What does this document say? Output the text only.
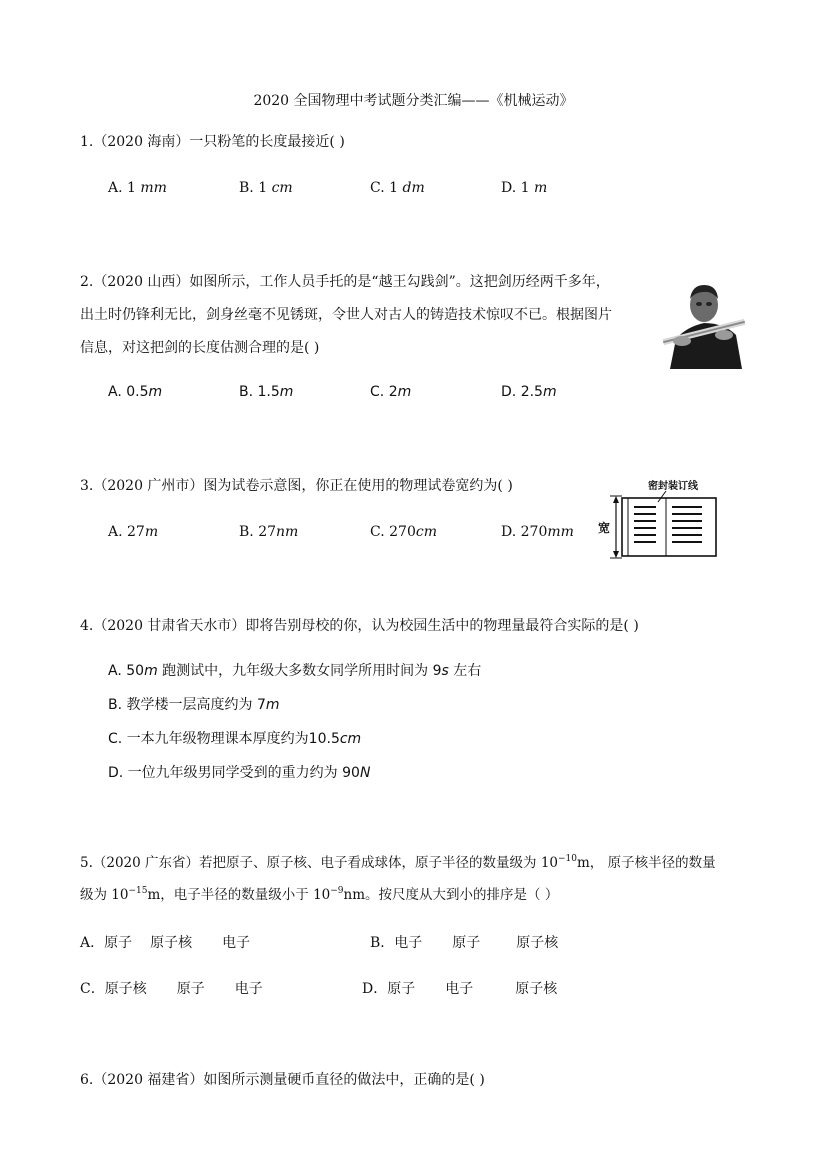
2020 全国物理中考试题分类汇编——《机械运动》
1.（2020 海南）一只粉笔的长度最接近( )
A. 1 mm	B. 1 cm	C. 1 dm	D. 1 m
2.（2020 山西）如图所示，工作人员手托的是“越王勾践剑”。这把剑历经两千多年，
出土时仍锋利无比，剑身丝毫不见锈斑，令世人对古人的铸造技术惊叹不已。根据图片
信息，对这把剑的长度估测合理的是( )
A. 0.5m	B. 1.5m	C. 2m	D. 2.5m
3.（2020 广州市）图为试卷示意图，你正在使用的物理试卷宽约为( )
A. 27m	B. 27nm	C. 270cm	D. 270mm
密封装订线
宽
4.（2020 甘肃省天水市）即将告别母校的你，认为校园生活中的物理量最符合实际的是( )
A. 50m 跑测试中，九年级大多数女同学所用时间为 9s 左右
B. 教学楼一层高度约为 7m
C. 一本九年级物理课本厚度约为10.5cm
D. 一位九年级男同学受到的重力约为 90N
5.（2020 广东省）若把原子、原子核、电子看成球体，原子半径的数量级为 $10^{-10}m$， 原子核半径的数量
级为 $10^{-15}m$，电子半径的数量级小于 $10^{-9}nm$。按尺度从大到小的排序是（ ）
A．原子 原子核 电子	B．电子 原子	原子核
C．原子核 原子 电子	D．原子 电子	原子核
6.（2020 福建省）如图所示测量硬币直径的做法中，正确的是( )
